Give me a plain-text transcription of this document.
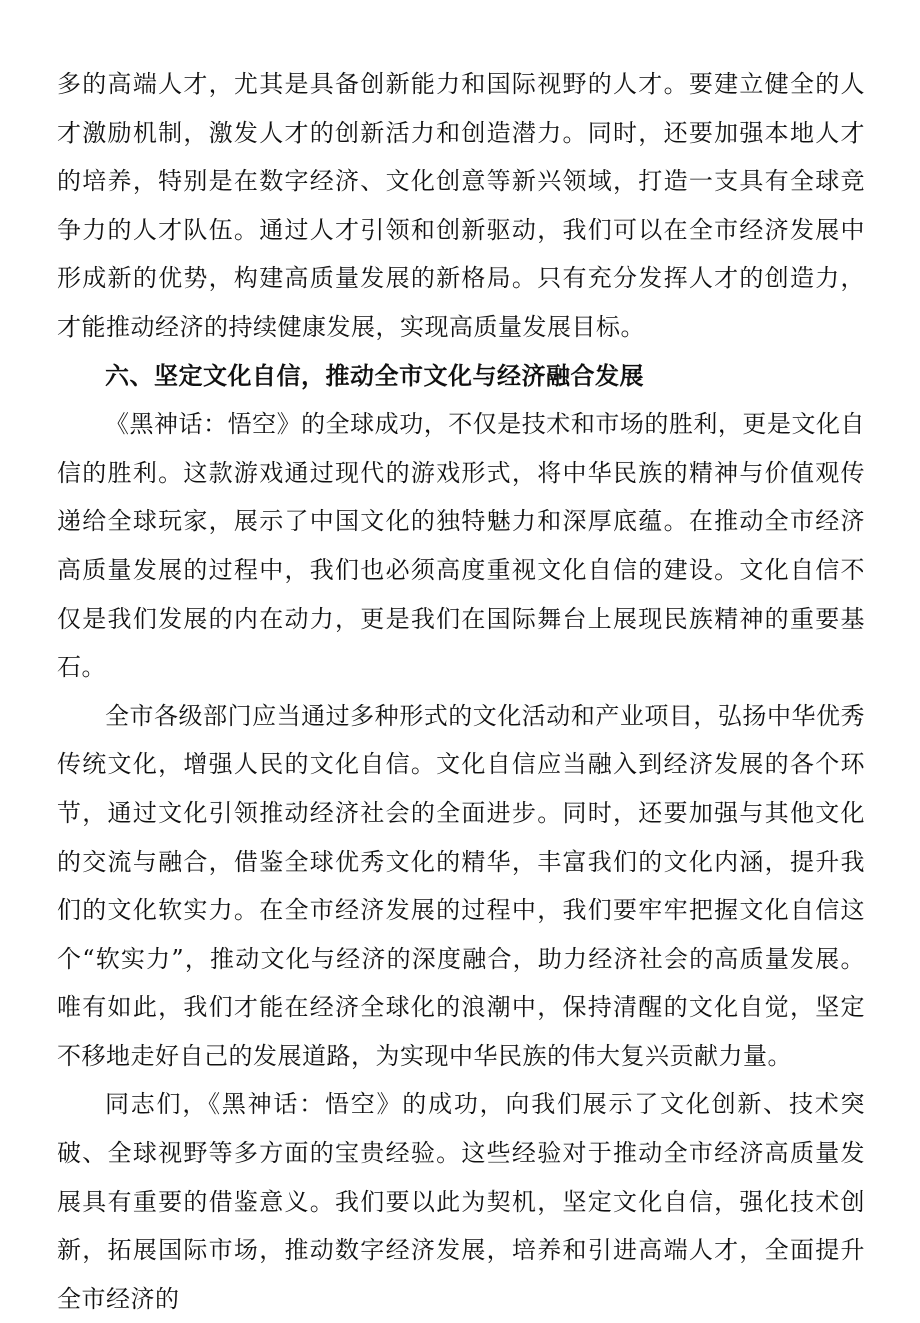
多的高端人才，尤其是具备创新能力和国际视野的人才。要建立健全的人才激励机制，激发人才的创新活力和创造潜力。同时，还要加强本地人才的培养，特别是在数字经济、文化创意等新兴领域，打造一支具有全球竞争力的人才队伍。通过人才引领和创新驱动，我们可以在全市经济发展中形成新的优势，构建高质量发展的新格局。只有充分发挥人才的创造力，才能推动经济的持续健康发展，实现高质量发展目标。

六、坚定文化自信，推动全市文化与经济融合发展

《黑神话：悟空》的全球成功，不仅是技术和市场的胜利，更是文化自信的胜利。这款游戏通过现代的游戏形式，将中华民族的精神与价值观传递给全球玩家，展示了中国文化的独特魅力和深厚底蕴。在推动全市经济高质量发展的过程中，我们也必须高度重视文化自信的建设。文化自信不仅是我们发展的内在动力，更是我们在国际舞台上展现民族精神的重要基石。

全市各级部门应当通过多种形式的文化活动和产业项目，弘扬中华优秀传统文化，增强人民的文化自信。文化自信应当融入到经济发展的各个环节，通过文化引领推动经济社会的全面进步。同时，还要加强与其他文化的交流与融合，借鉴全球优秀文化的精华，丰富我们的文化内涵，提升我们的文化软实力。在全市经济发展的过程中，我们要牢牢把握文化自信这个“软实力”，推动文化与经济的深度融合，助力经济社会的高质量发展。唯有如此，我们才能在经济全球化的浪潮中，保持清醒的文化自觉，坚定不移地走好自己的发展道路，为实现中华民族的伟大复兴贡献力量。

同志们，《黑神话：悟空》的成功，向我们展示了文化创新、技术突破、全球视野等多方面的宝贵经验。这些经验对于推动全市经济高质量发展具有重要的借鉴意义。我们要以此为契机，坚定文化自信，强化技术创新，拓展国际市场，推动数字经济发展，培养和引进高端人才，全面提升全市经济的
